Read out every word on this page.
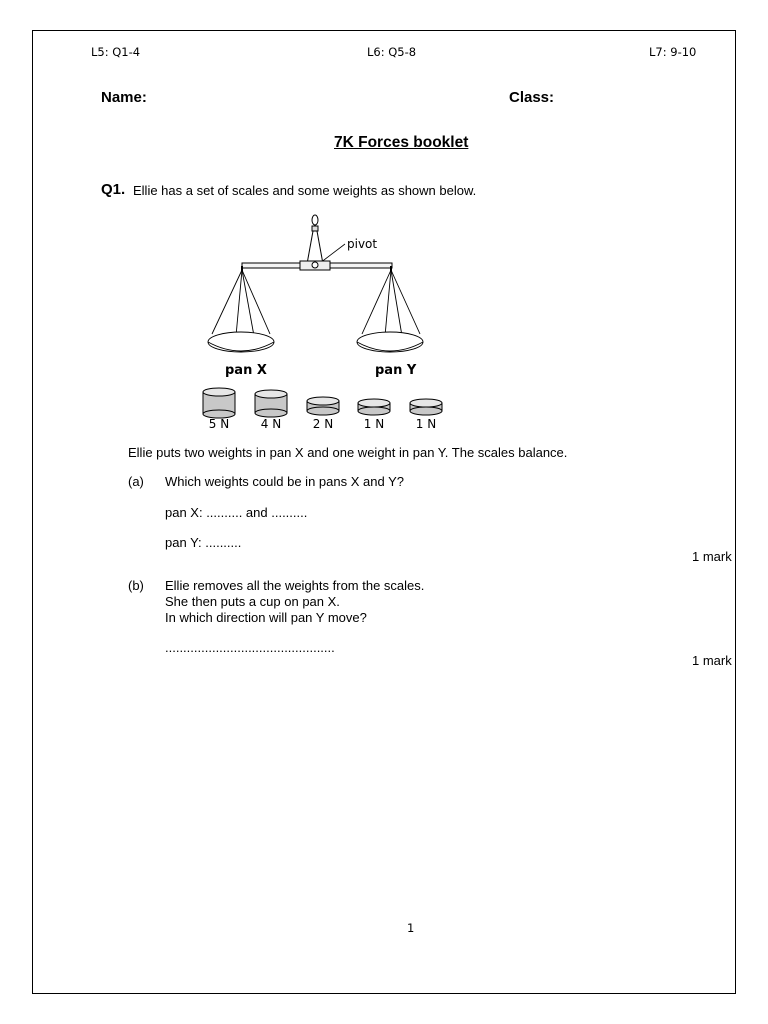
L5: Q1-4	L6: Q5-8	L7: 9-10
Name:	Class:
7K Forces booklet
Q1. Ellie has a set of scales and some weights as shown below.
pivot
pan X	pan Y
5 N	4 N	2 N	1 N	1 N
Ellie puts two weights in pan X and one weight in pan Y. The scales balance.
(a) Which weights could be in pans X and Y?
pan X: .......... and ..........
pan Y: ..........
1 mark
(b) Ellie removes all the weights from the scales.
She then puts a cup on pan X.
In which direction will pan Y move?
...............................................
1 mark
1
